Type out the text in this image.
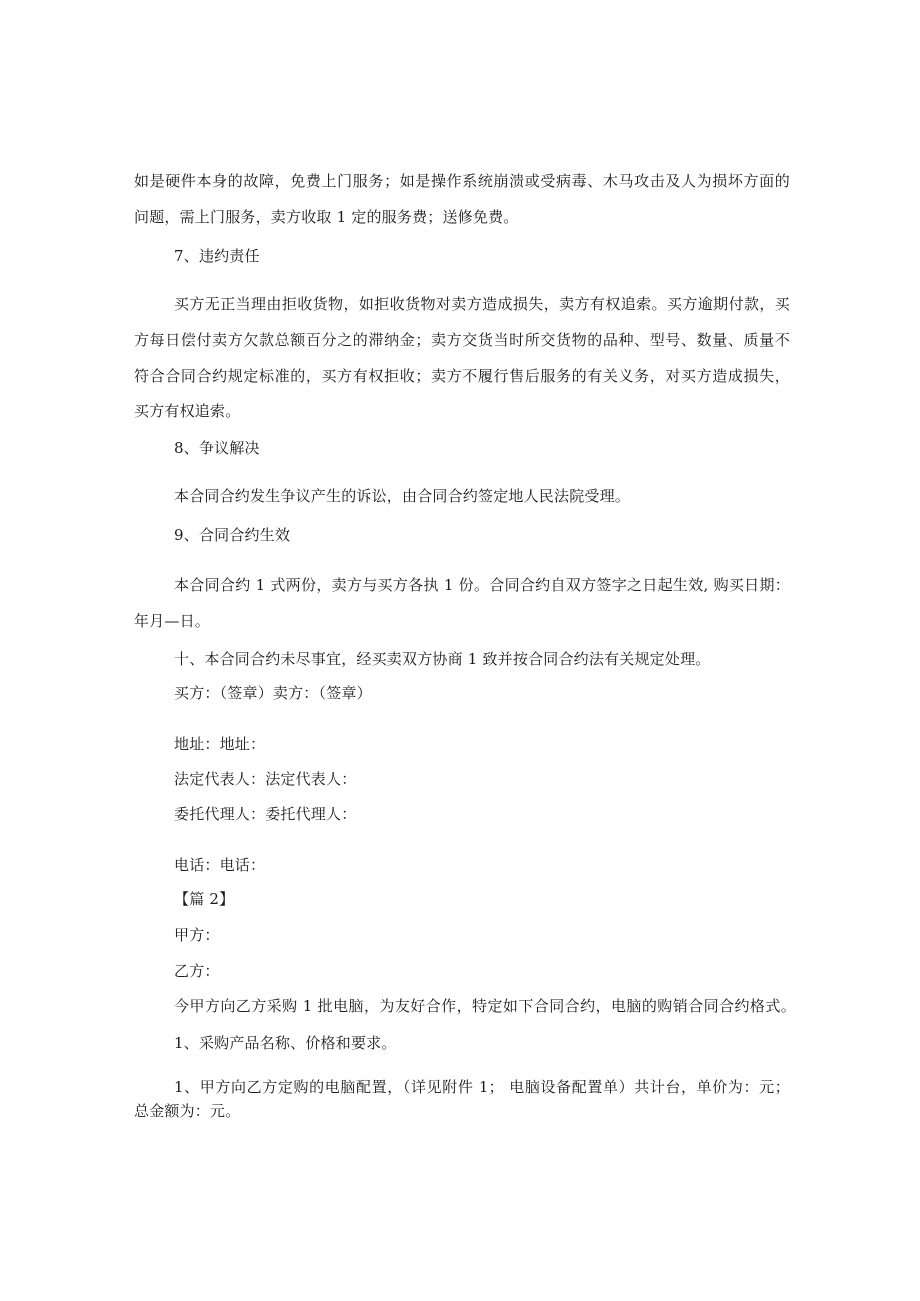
如是硬件本身的故障，免费上门服务；如是操作系统崩溃或受病毒、木马攻击及人为损坏方面的
问题，需上门服务，卖方收取 1 定的服务费；送修免费。
7、违约责任
买方无正当理由拒收货物，如拒收货物对卖方造成损失，卖方有权追索。买方逾期付款，买
方每日偿付卖方欠款总额百分之的滞纳金；卖方交货当时所交货物的品种、型号、数量、质量不
符合合同合约规定标准的，买方有权拒收；卖方不履行售后服务的有关义务，对买方造成损失，
买方有权追索。
8、争议解决
本合同合约发生争议产生的诉讼，由合同合约签定地人民法院受理。
9、合同合约生效
本合同合约 1 式两份，卖方与买方各执 1 份。合同合约自双方签字之日起生效, 购买日期：
年月—日。
十、本合同合约未尽事宜，经买卖双方协商 1 致并按合同合约法有关规定处理。
买方：（签章）卖方：（签章）
地址：地址：
法定代表人：法定代表人：
委托代理人：委托代理人：
电话：电话：
【篇 2】
甲方：
乙方：
今甲方向乙方采购 1 批电脑，为友好合作，特定如下合同合约，电脑的购销合同合约格式。
1、采购产品名称、价格和要求。
1、甲方向乙方定购的电脑配置，（详见附件 1； 电脑设备配置单）共计台，单价为：元；
总金额为：元。
